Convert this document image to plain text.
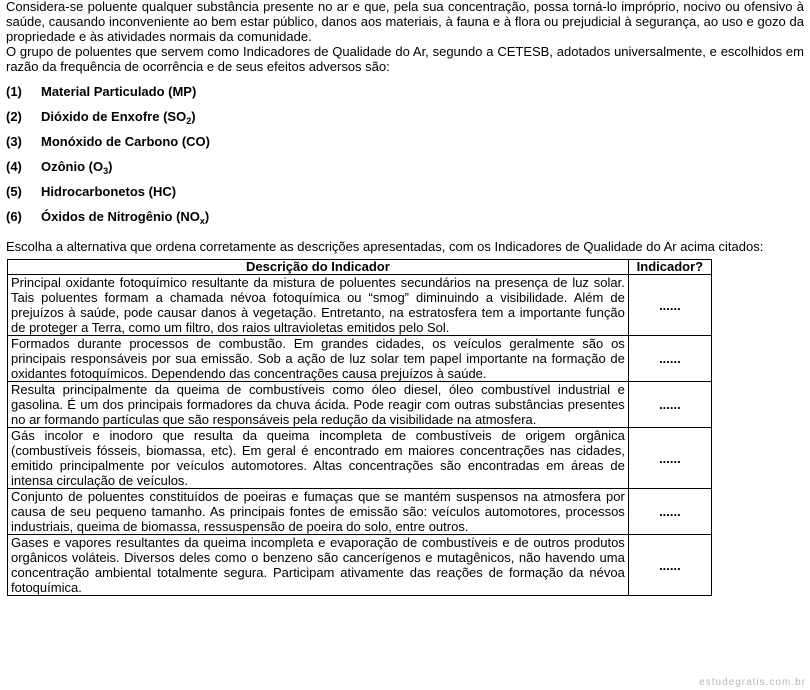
Considera-se poluente qualquer substância presente no ar e que, pela sua concentração, possa torná-lo impróprio, nocivo ou ofensivo à saúde, causando inconveniente ao bem estar público, danos aos materiais, à fauna e à flora ou prejudicial à segurança, ao uso e gozo da propriedade e às atividades normais da comunidade.

O grupo de poluentes que servem como Indicadores de Qualidade do Ar, segundo a CETESB, adotados universalmente, e escolhidos em razão da frequência de ocorrência e de seus efeitos adversos são:

(1)	Material Particulado (MP)
(2)	Dióxido de Enxofre $(SO_2)$
(3)	Monóxido de Carbono (CO)
(4)	Ozônio $(O_3)$
(5)	Hidrocarbonetos (HC)
(6)	Óxidos de Nitrogênio $(NO_x)$

Escolha a alternativa que ordena corretamente as descrições apresentadas, com os Indicadores de Qualidade do Ar acima citados:

Descrição do Indicador	Indicador?
Principal oxidante fotoquímico resultante da mistura de poluentes secundários na presença de luz solar. Tais poluentes formam a chamada névoa fotoquímica ou “smog” diminuindo a visibilidade. Além de prejuízos à saúde, pode causar danos à vegetação. Entretanto, na estratosfera tem a importante função de proteger a Terra, como um filtro, dos raios ultravioletas emitidos pelo Sol.	......
Formados durante processos de combustão. Em grandes cidades, os veículos geralmente são os principais responsáveis por sua emissão. Sob a ação de luz solar tem papel importante na formação de oxidantes fotoquímicos. Dependendo das concentrações causa prejuízos à saúde.	......
Resulta principalmente da queima de combustíveis como óleo diesel, óleo combustível industrial e gasolina. É um dos principais formadores da chuva ácida. Pode reagir com outras substâncias presentes no ar formando partículas que são responsáveis pela redução da visibilidade na atmosfera.	......
Gás incolor e inodoro que resulta da queima incompleta de combustíveis de origem orgânica (combustíveis fósseis, biomassa, etc). Em geral é encontrado em maiores concentrações nas cidades, emitido principalmente por veículos automotores. Altas concentrações são encontradas em áreas de intensa circulação de veículos.	......
Conjunto de poluentes constituídos de poeiras e fumaças que se mantém suspensos na atmosfera por causa de seu pequeno tamanho. As principais fontes de emissão são: veículos automotores, processos industriais, queima de biomassa, ressuspensão de poeira do solo, entre outros.	......
Gases e vapores resultantes da queima incompleta e evaporação de combustíveis e de outros produtos orgânicos voláteis. Diversos deles como o benzeno são cancerígenos e mutagênicos, não havendo uma concentração ambiental totalmente segura. Participam ativamente das reações de formação da névoa fotoquímica.	......
estudegratis.com.br
